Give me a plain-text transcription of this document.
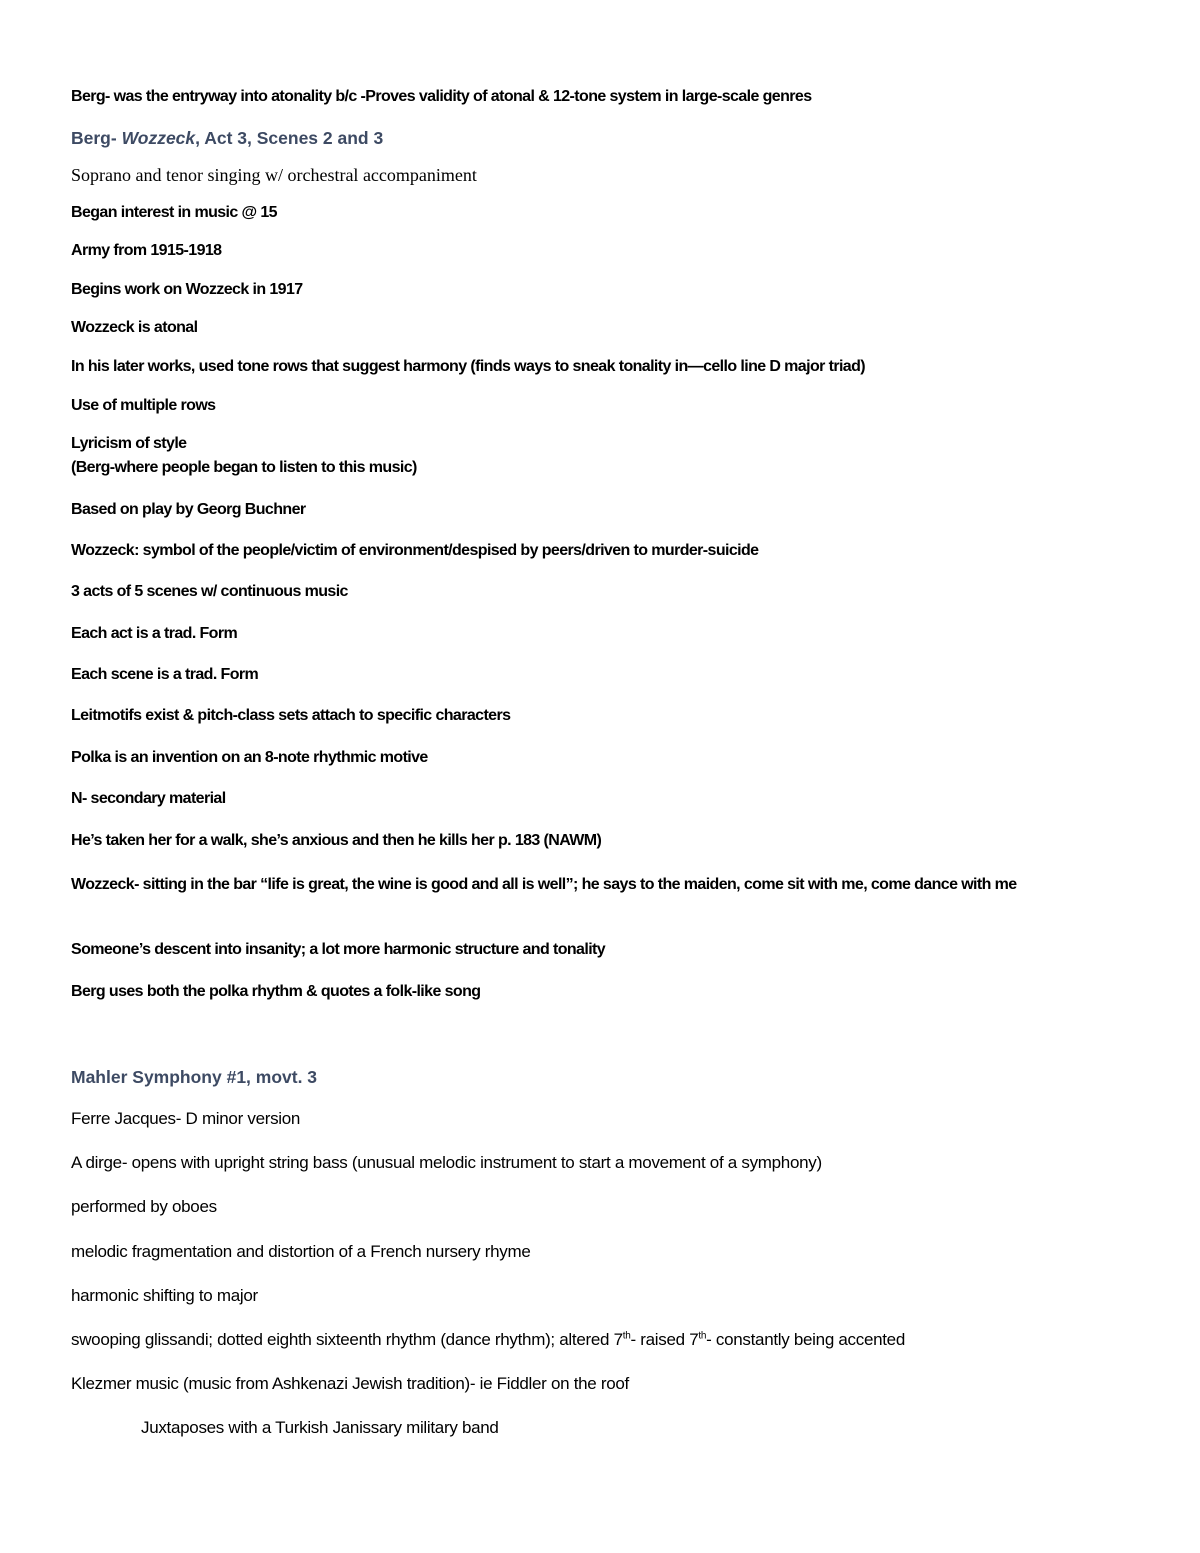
Berg- was the entryway into atonality b/c -Proves validity of atonal & 12-tone system in large-scale genres

Berg- Wozzeck, Act 3, Scenes 2 and 3

Soprano and tenor singing w/ orchestral accompaniment

Began interest in music @ 15

Army from 1915-1918

Begins work on Wozzeck in 1917

Wozzeck is atonal

In his later works, used tone rows that suggest harmony (finds ways to sneak tonality in—cello line D major triad)

Use of multiple rows

Lyricism of style

(Berg-where people began to listen to this music)

Based on play by Georg Buchner

Wozzeck: symbol of the people/victim of environment/despised by peers/driven to murder-suicide

3 acts of 5 scenes w/ continuous music

Each act is a trad. Form

Each scene is a trad. Form

Leitmotifs exist & pitch-class sets attach to specific characters

Polka is an invention on an 8-note rhythmic motive

N- secondary material

He’s taken her for a walk, she’s anxious and then he kills her p. 183 (NAWM)

Wozzeck- sitting in the bar “life is great, the wine is good and all is well”; he says to the maiden, come sit with me, come dance with me

Someone’s descent into insanity; a lot more harmonic structure and tonality

Berg uses both the polka rhythm & quotes a folk-like song

Mahler Symphony #1, movt. 3

Ferre Jacques- D minor version

A dirge- opens with upright string bass (unusual melodic instrument to start a movement of a symphony)

performed by oboes

melodic fragmentation and distortion of a French nursery rhyme

harmonic shifting to major

swooping glissandi; dotted eighth sixteenth rhythm (dance rhythm); altered 7th- raised 7th- constantly being accented

Klezmer music (music from Ashkenazi Jewish tradition)- ie Fiddler on the roof

Juxtaposes with a Turkish Janissary military band
